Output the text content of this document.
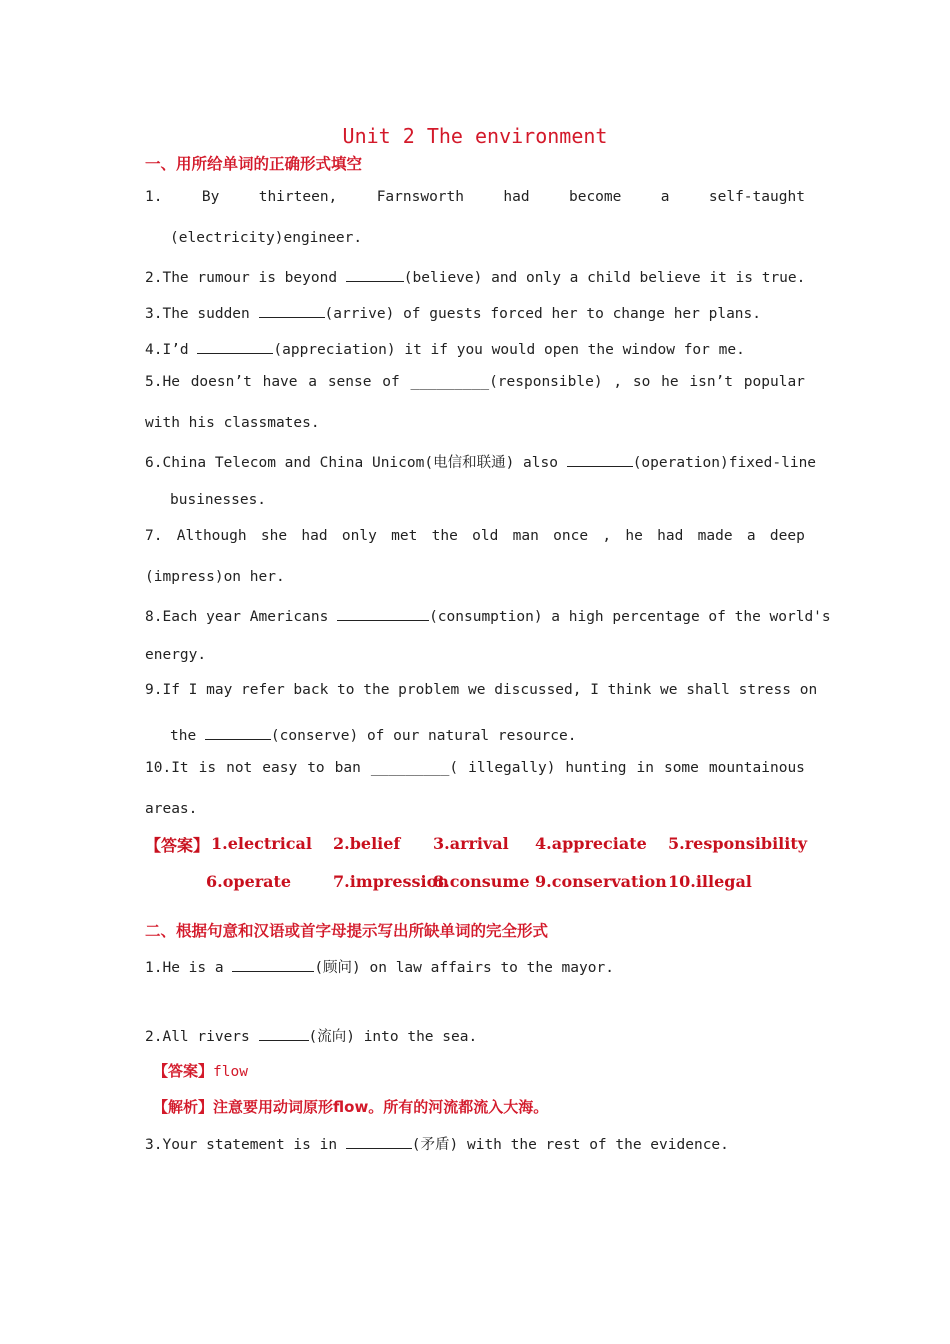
Unit 2 The environment
一、用所给单词的正确形式填空
1.	By	thirteen,	Farnsworth	had	become	a	self-taught
(electricity)engineer.
2.The rumour is beyond	(believe) and only a child believe it is true.
3.The sudden	(arrive) of guests forced her to change her plans.
4.I’d	(appreciation) it if you would open the window for me.
5.He doesn’t have a sense of _________(responsible) , so he isn’t popular
with his classmates.
6.China Telecom and China Unicom(电信和联通) also	(operation)fixed-line
businesses.
7. Although she had only met the old man once , he had made a deep
(impress)on her.
8.Each year Americans	(consumption) a high percentage of the world's
energy.
9.If I may refer back to the problem we discussed, I think we shall stress on
the	(conserve) of our natural resource.
10.It is not easy to ban _________( illegally) hunting in some mountainous
areas.
【答案】 1.electrical 2.belief 3.arrival 4.appreciate 5.responsibility
6.operate	7.impression
8.consume 9.conservation 10.illegal
二、根据句意和汉语或首字母提示写出所缺单词的完全形式
1.He is a	(顾问) on law affairs to the mayor.
2.All rivers	(流向) into the sea.
【答案】flow
【解析】注意要用动词原形flow。所有的河流都流入大海。
3.Your statement is in	(矛盾) with the rest of the evidence.
